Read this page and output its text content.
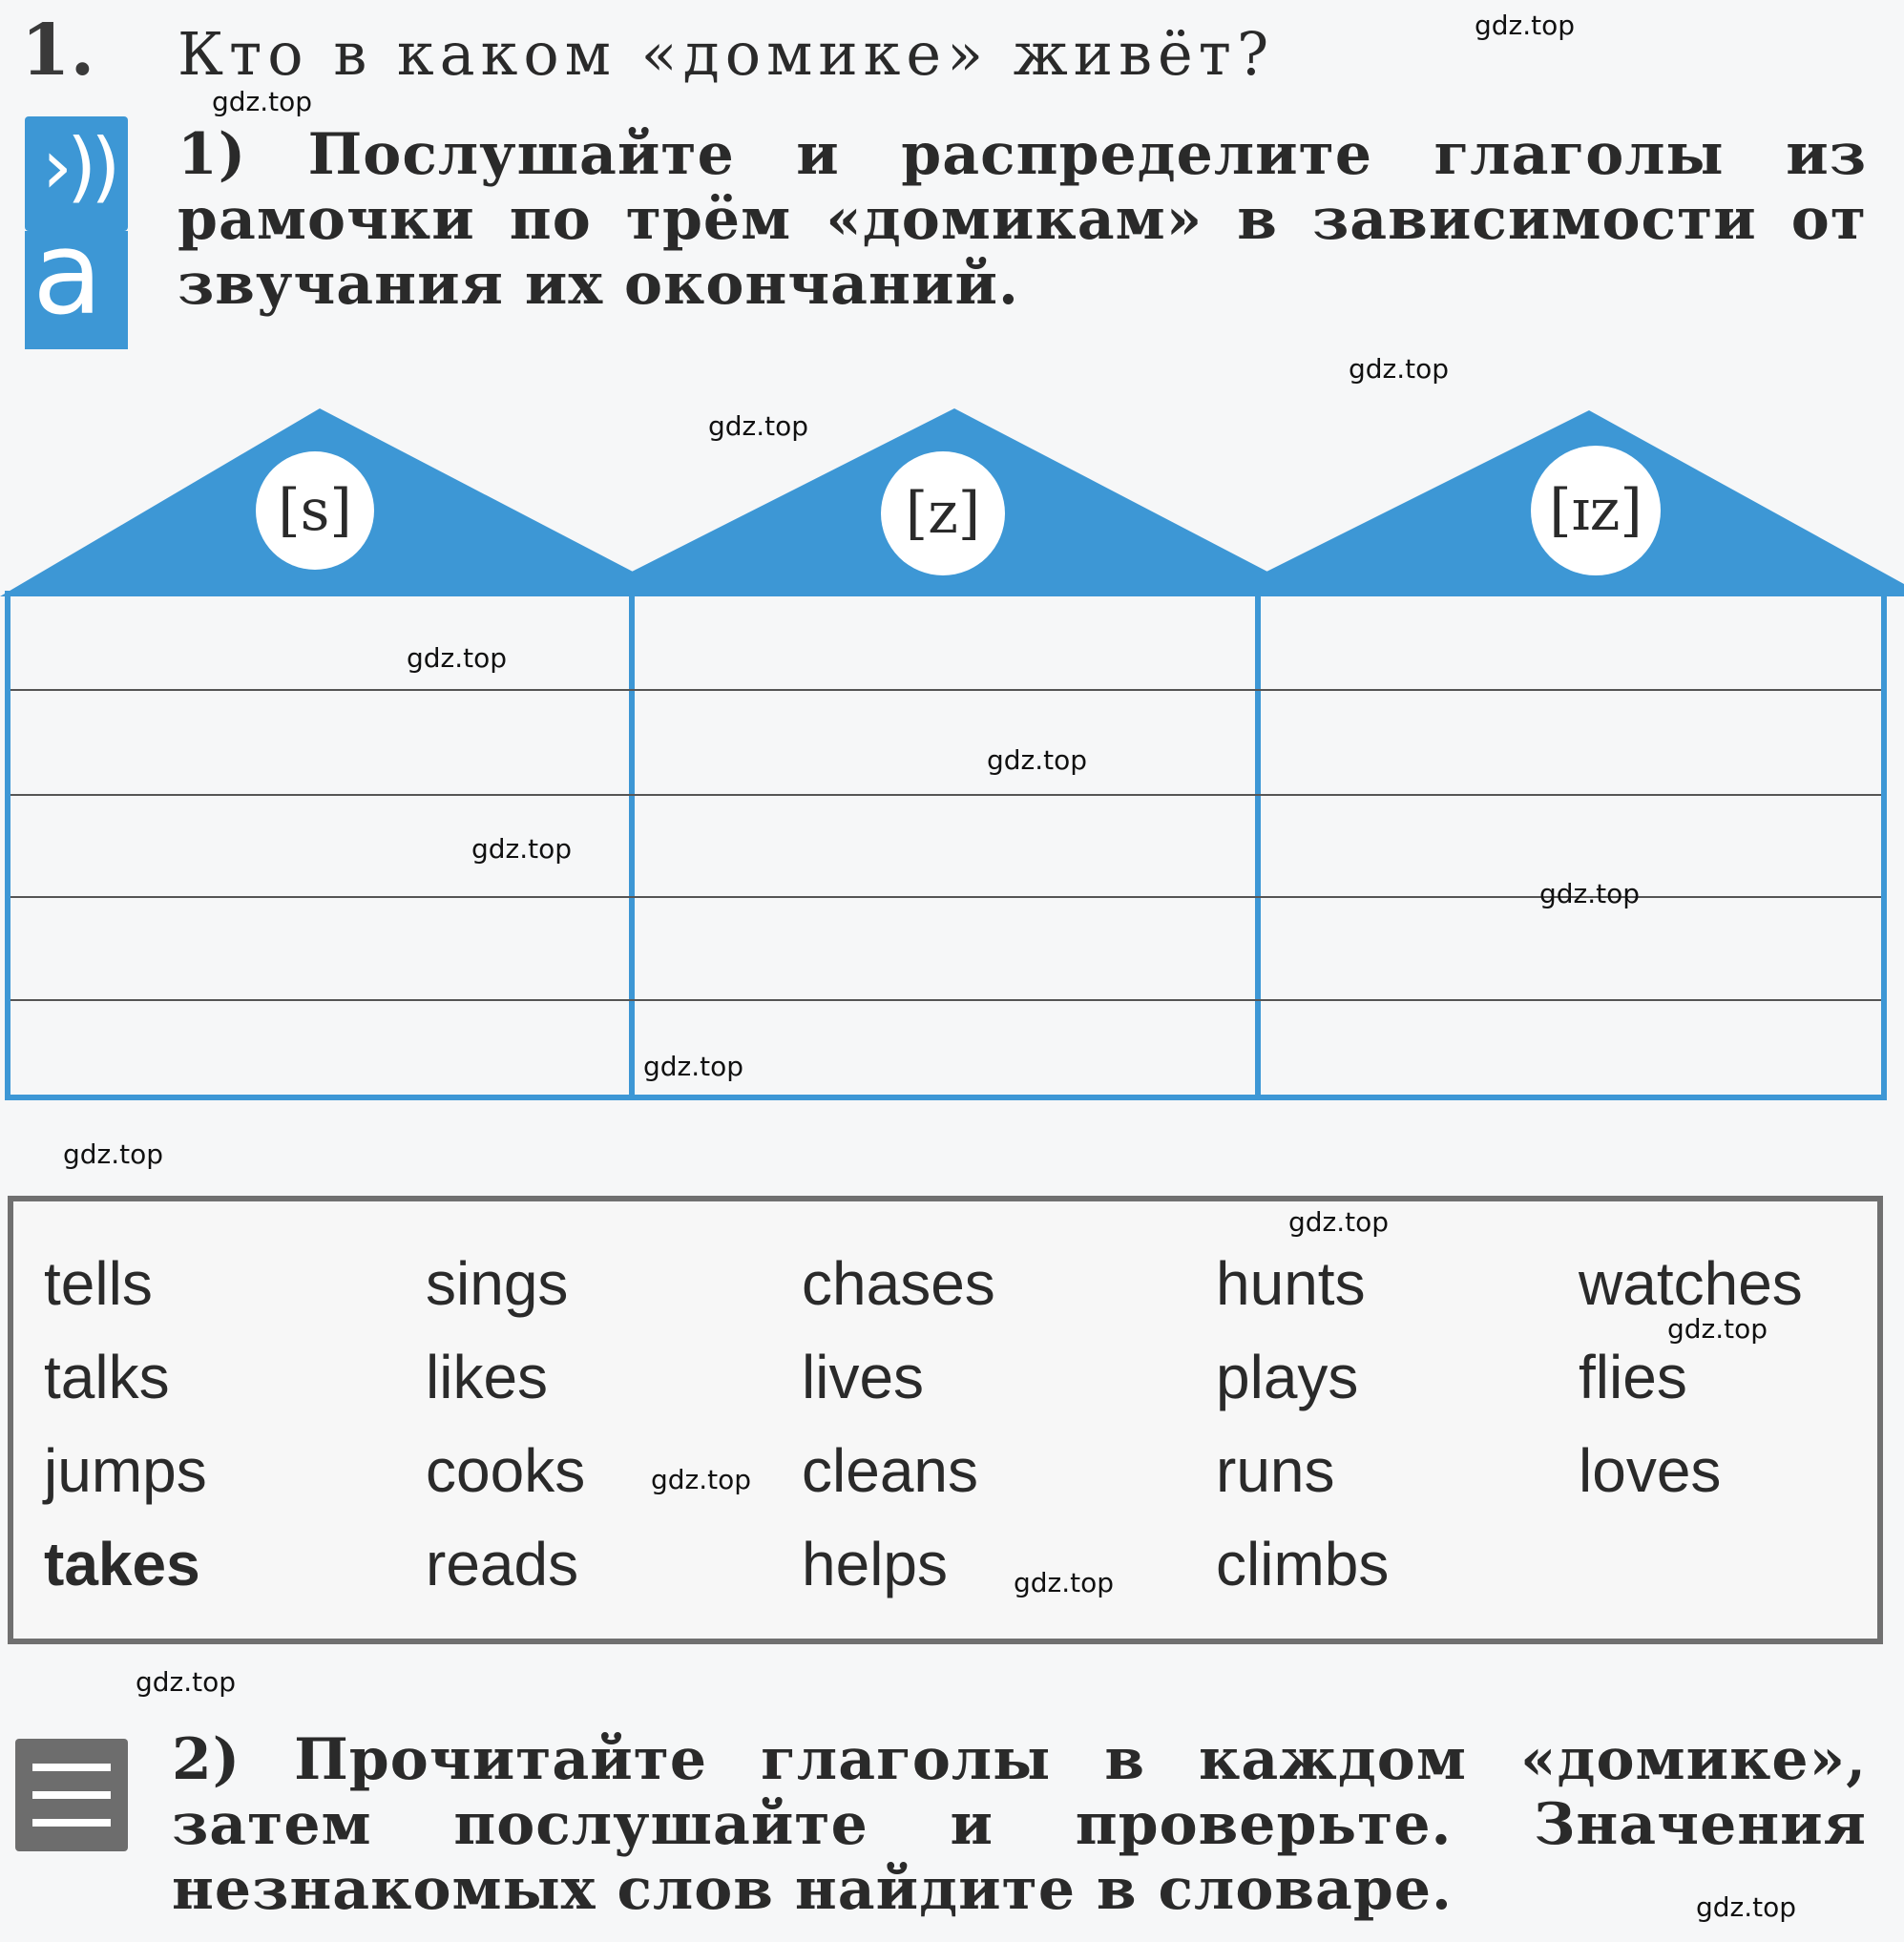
1. Кто в каком «домике» живёт?
›))
a
1) Послушайте и распределите глаголы из рамочки по трём «домикам» в зависимости от звучания их окончаний.
[s]	[z]	[ɪz]
tells
talks
jumps
takes
sings
likes
cooks
reads
chases
lives
cleans
helps
hunts
plays
runs
climbs
watches
flies
loves
2) Прочитайте глаголы в каждом «домике», затем послушайте и проверьте. Значения незнакомых слов найдите в словаре.
gdz.top
gdz.top
gdz.top
gdz.top
gdz.top
gdz.top
gdz.top
gdz.top
gdz.top
gdz.top
gdz.top
gdz.top
gdz.top
gdz.top
gdz.top
gdz.top
